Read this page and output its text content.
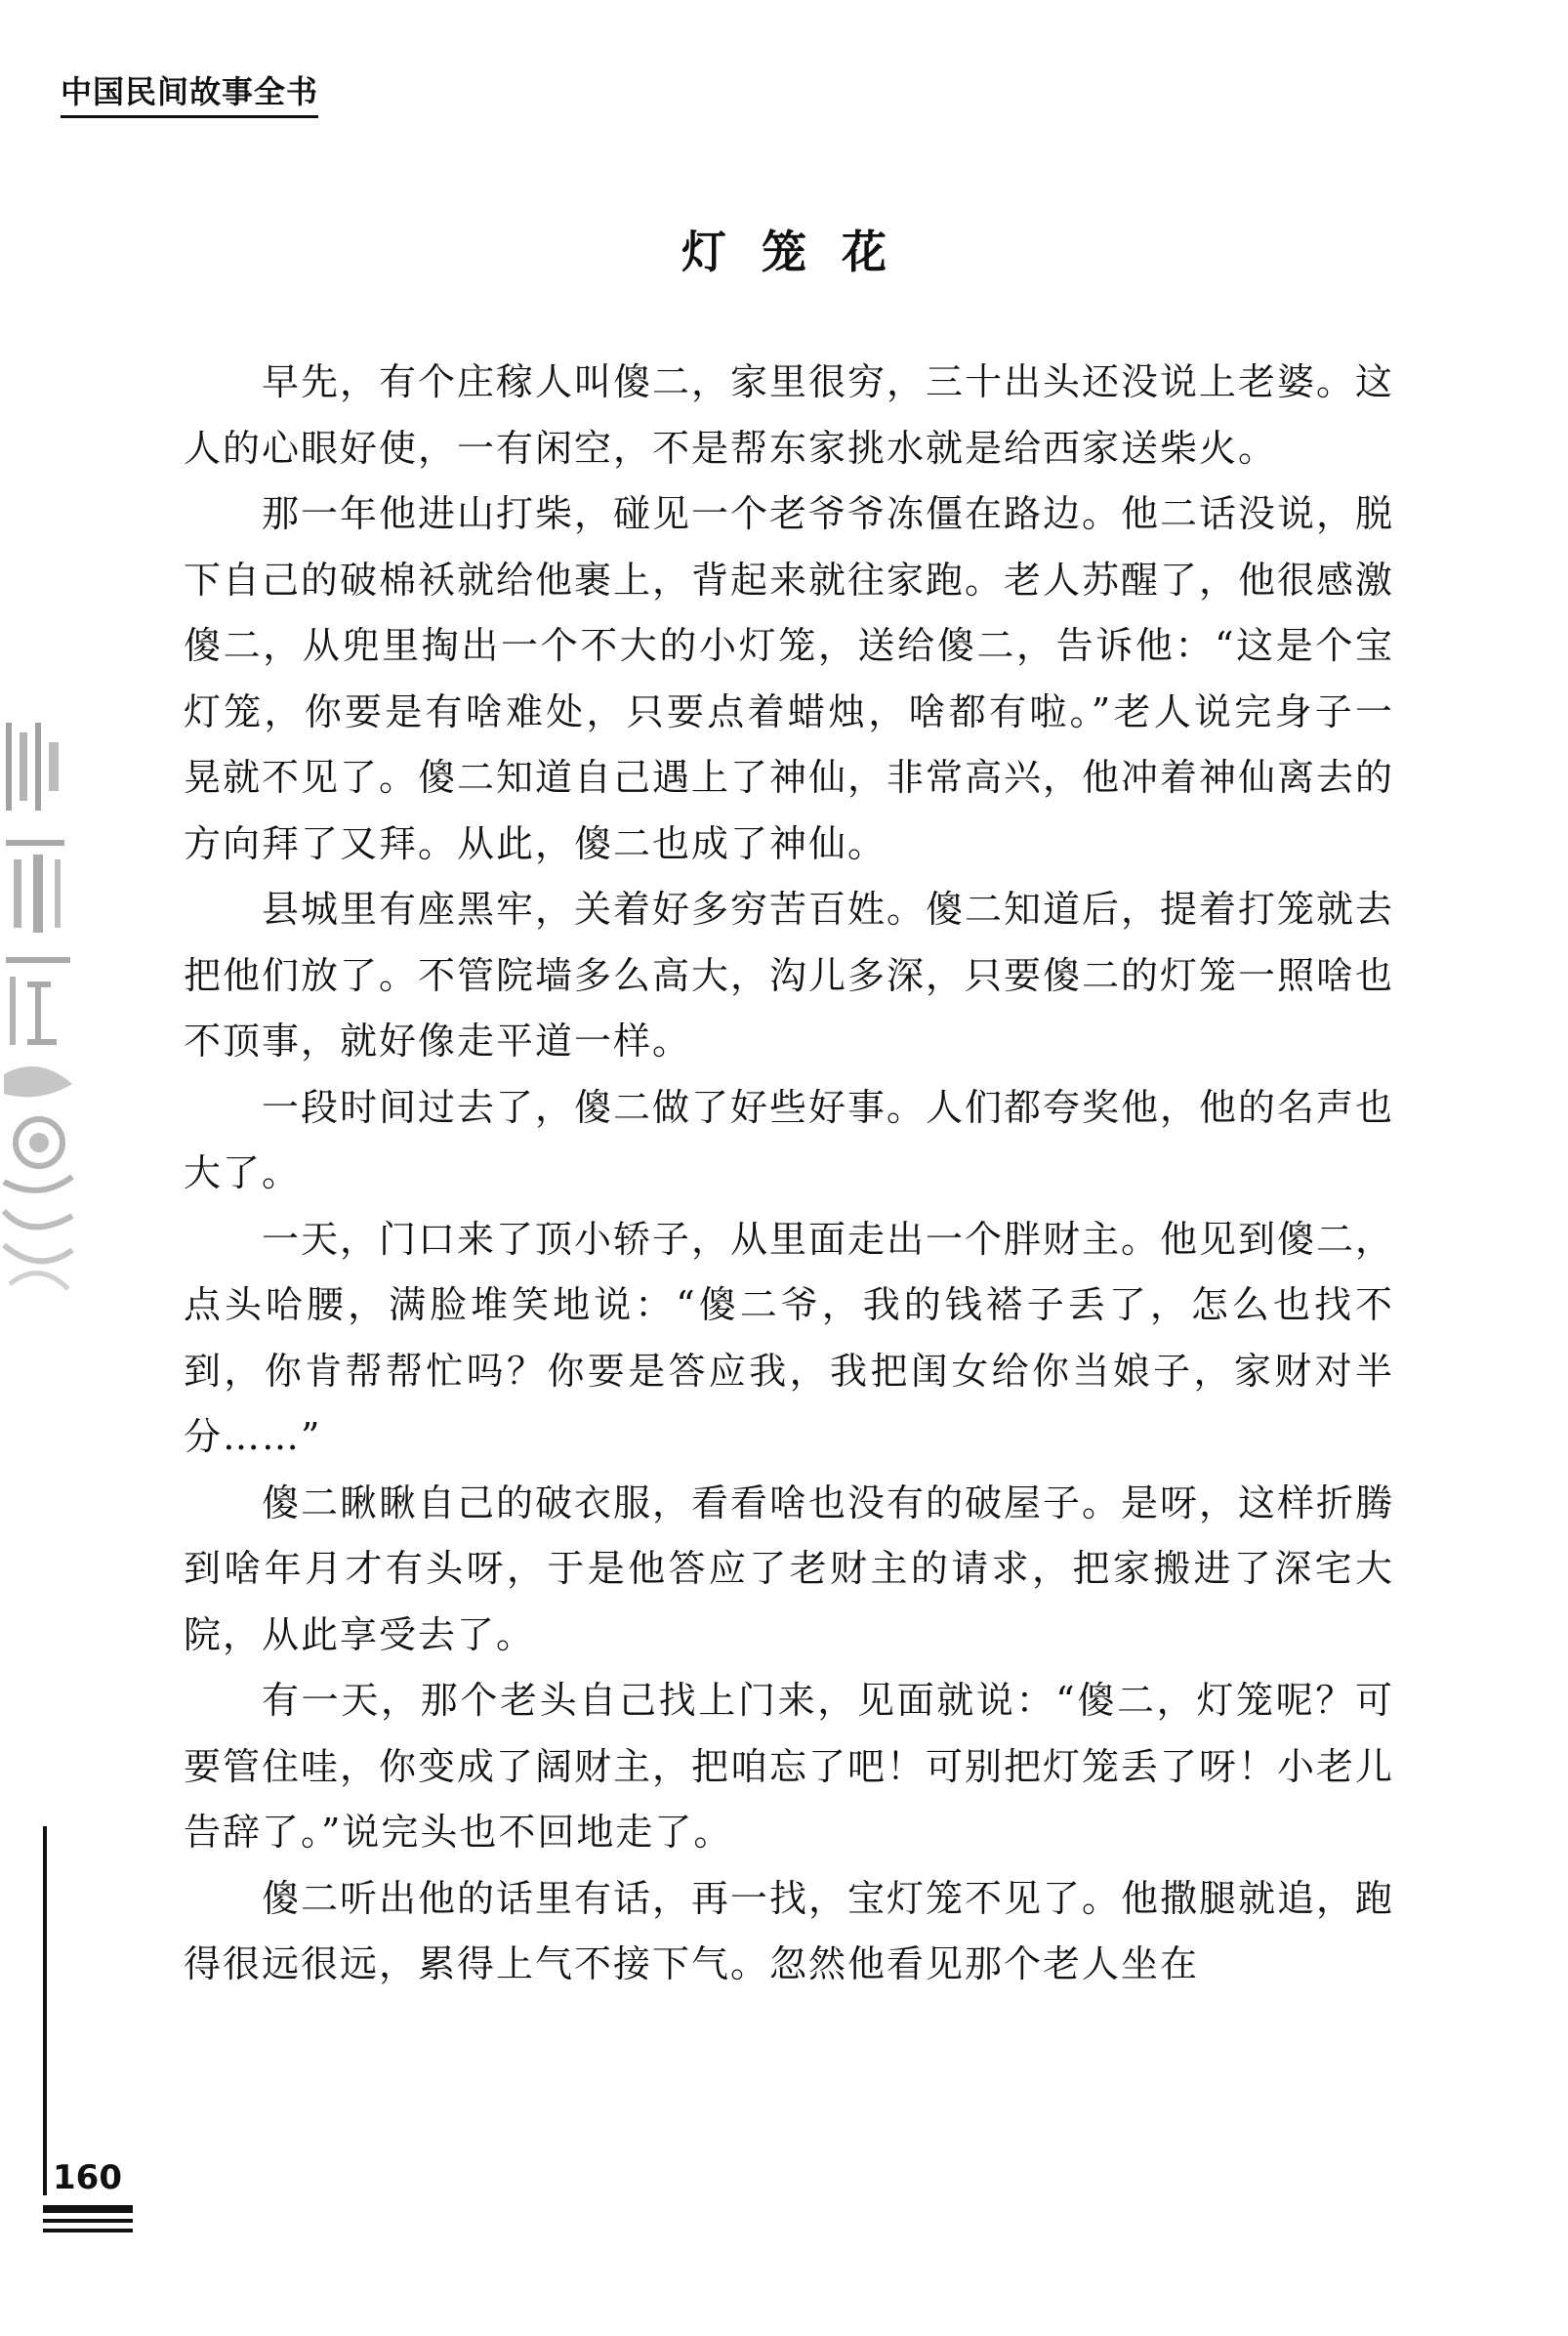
中国民间故事全书
灯笼花

早先，有个庄稼人叫傻二，家里很穷，三十出头还没说上老婆。这人的心眼好使，一有闲空，不是帮东家挑水就是给西家送柴火。

那一年他进山打柴，碰见一个老爷爷冻僵在路边。他二话没说，脱下自己的破棉袄就给他裹上，背起来就往家跑。老人苏醒了，他很感激傻二，从兜里掏出一个不大的小灯笼，送给傻二，告诉他：“这是个宝灯笼，你要是有啥难处，只要点着蜡烛，啥都有啦。”老人说完身子一晃就不见了。傻二知道自己遇上了神仙，非常高兴，他冲着神仙离去的方向拜了又拜。从此，傻二也成了神仙。

县城里有座黑牢，关着好多穷苦百姓。傻二知道后，提着打笼就去把他们放了。不管院墙多么高大，沟儿多深，只要傻二的灯笼一照啥也不顶事，就好像走平道一样。

一段时间过去了，傻二做了好些好事。人们都夸奖他，他的名声也大了。

一天，门口来了顶小轿子，从里面走出一个胖财主。他见到傻二，点头哈腰，满脸堆笑地说：“傻二爷，我的钱褡子丢了，怎么也找不到，你肯帮帮忙吗？你要是答应我，我把闺女给你当娘子，家财对半分……”

傻二瞅瞅自己的破衣服，看看啥也没有的破屋子。是呀，这样折腾到啥年月才有头呀，于是他答应了老财主的请求，把家搬进了深宅大院，从此享受去了。

有一天，那个老头自己找上门来，见面就说：“傻二，灯笼呢？可要管住哇，你变成了阔财主，把咱忘了吧！可别把灯笼丢了呀！小老儿告辞了。”说完头也不回地走了。

傻二听出他的话里有话，再一找，宝灯笼不见了。他撒腿就追，跑得很远很远，累得上气不接下气。忽然他看见那个老人坐在

160
